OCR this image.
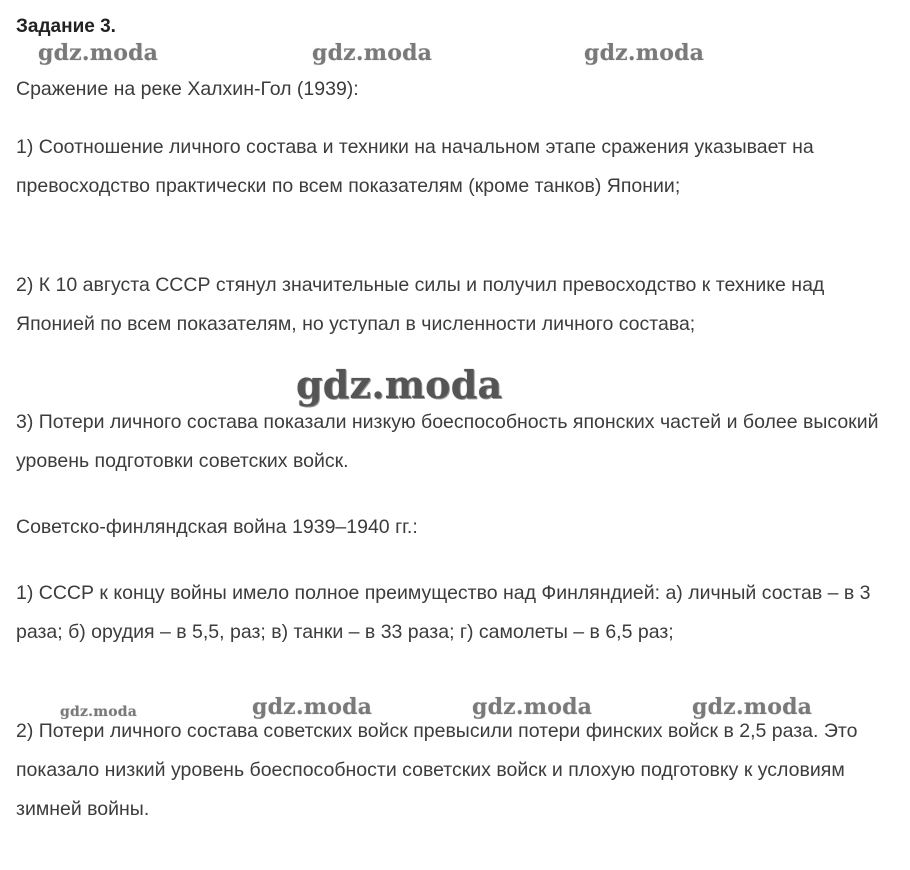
Задание 3.

Сражение на реке Халхин-Гол (1939):

1) Соотношение личного состава и техники на начальном этапе сражения указывает на превосходство практически по всем показателям (кроме танков) Японии;

2) К 10 августа СССР стянул значительные силы и получил превосходство к технике над Японией по всем показателям, но уступал в численности личного состава;

3) Потери личного состава показали низкую боеспособность японских частей и более высокий уровень подготовки советских войск.

Советско-финляндская война 1939–1940 гг.:

1) СССР к концу войны имело полное преимущество над Финляндией: а) личный состав – в 3 раза; б) орудия – в 5,5, раз; в) танки – в 33 раза; г) самолеты – в 6,5 раз;

2) Потери личного состава советских войск превысили потери финских войск в 2,5 раза. Это показало низкий уровень боеспособности советских войск и плохую подготовку к условиям зимней войны.

gdz.moda	gdz.moda	gdz.moda
gdz.moda
gdz.moda	gdz.moda	gdz.moda	gdz.moda
